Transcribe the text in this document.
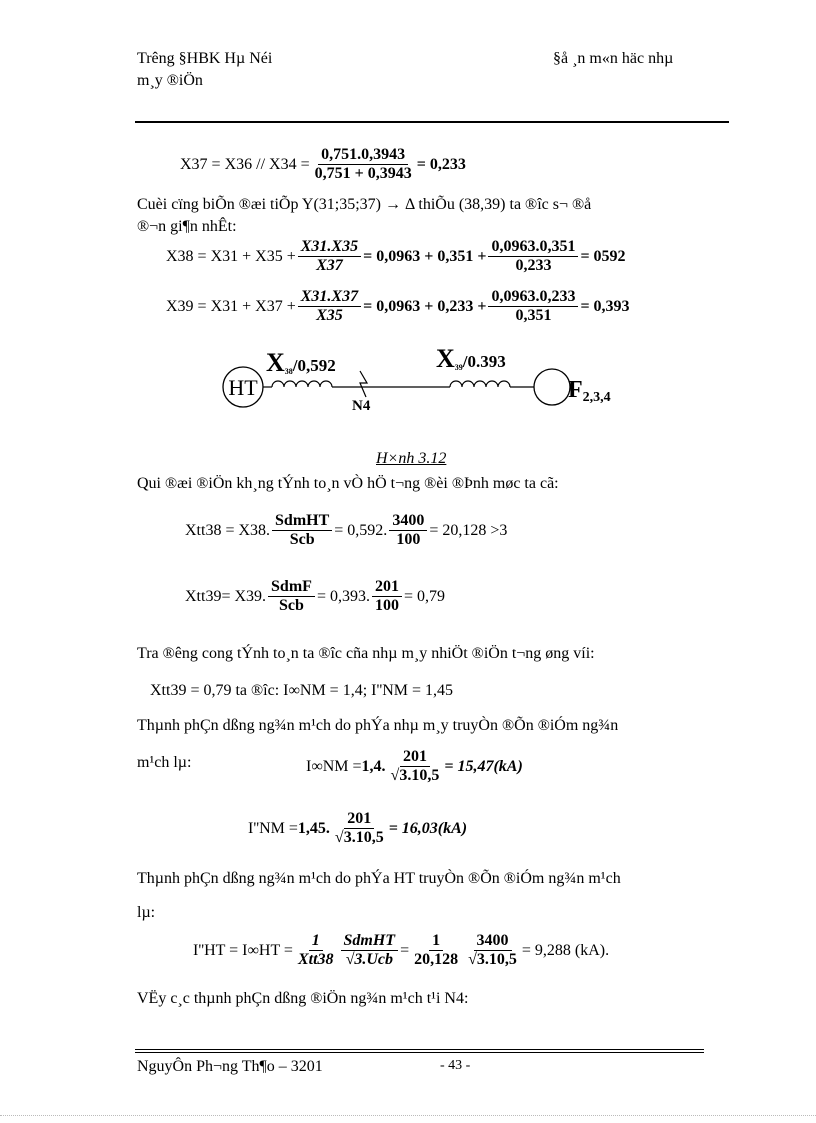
Trêng §HBK Hµ Néi
m¸y ®iÖn
§å ¸n m«n häc nhµ
$X37 = X36 // X34 = \frac{0,751.0,3943}{0,751 + 0,3943} = 0,233$
Cuèi cïng biÕn ®æi tiÕp Y(31;35;37) → Δ thiÕu (38,39) ta ®îc s¬ ®å
®¬n gi¶n nhÊt:
$X38 = X31 + X35 + \frac{X31.X35}{X37} = 0,0963 + 0,351 + \frac{0,0963.0,351}{0,233} = 0592$
$X39 = X31 + X37 + \frac{X31.X37}{X35} = 0,0963 + 0,233 + \frac{0,0963.0,233}{0,351} = 0,393$
HT
N4
X38/0,592	X39/0.393
F2,3,4
H×nh 3.12
Qui ®æi ®iÖn kh¸ng tÝnh to¸n vÒ hÖ t¬ng ®èi ®Þnh møc ta cã:
Xtt38 = X38. $\frac{\text{SdmHT}}{\text{Scb}} = 0,592$. $\frac{3400}{100} = 20,128 >3$
Xtt39= X39. $\frac{\text{SdmF}}{\text{Scb}} = 0,393$. $\frac{201}{100} = 0,79$
Tra ®êng cong tÝnh to¸n ta ®îc cña nhµ m¸y nhiÖt ®iÖn t¬ng øng víi:
Xtt39 = 0,79 ta ®îc: I∞NM = 1,4; I''NM = 1,45
Thµnh phÇn dßng ng¾n m¹ch do phÝa nhµ m¸y truyÒn ®Õn ®iÓm ng¾n
m¹ch lµ:	I∞NM = 1,4. $\frac{201}{√3.10,5} = 15,47(kA)$
I''NM = 1,45. $\frac{201}{√3.10,5} = 16,03(kA)$
Thµnh phÇn dßng ng¾n m¹ch do phÝa HT truyÒn ®Õn ®iÓm ng¾n m¹ch
lµ:
$I''HT = I\infty HT = \frac{1}{\text{Xtt38}} \frac{\text{SdmHT}}{\text{√3.Ucb}} = \frac{1}{20,128} \frac{3400}{√3.10,5} = 9,288$ (kA).
VËy c¸c thµnh phÇn dßng ®iÖn ng¾n m¹ch t¹i N4:
NguyÔn Ph¬ng Th¶o – 3201	- 43 -
